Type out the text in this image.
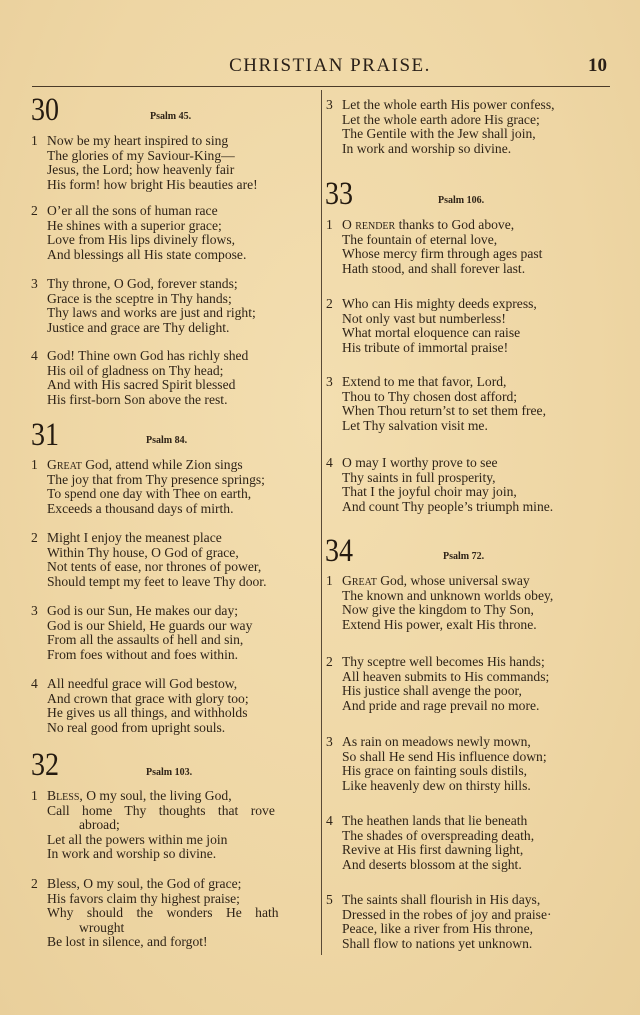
CHRISTIAN PRAISE.	10
30	Psalm 45.
1 Now be my heart inspired to sing
The glories of my Saviour-King—
Jesus, the Lord; how heavenly fair
His form! how bright His beauties are!
2 O’er all the sons of human race
He shines with a superior grace;
Love from His lips divinely flows,
And blessings all His state compose.
3 Thy throne, O God, forever stands;
Grace is the sceptre in Thy hands;
Thy laws and works are just and right;
Justice and grace are Thy delight.
4 God! Thine own God has richly shed
His oil of gladness on Thy head;
And with His sacred Spirit blessed
His first-born Son above the rest.
31	Psalm 84.
1 Great God, attend while Zion sings
The joy that from Thy presence springs;
To spend one day with Thee on earth,
Exceeds a thousand days of mirth.
2 Might I enjoy the meanest place
Within Thy house, O God of grace,
Not tents of ease, nor thrones of power,
Should tempt my feet to leave Thy door.
3 God is our Sun, He makes our day;
God is our Shield, He guards our way
From all the assaults of hell and sin,
From foes without and foes within.
4 All needful grace will God bestow,
And crown that grace with glory too;
He gives us all things, and withholds
No real good from upright souls.
32	Psalm 103.
1 Bless, O my soul, the living God,
Call home Thy thoughts that rove
abroad;
Let all the powers within me join
In work and worship so divine.
2 Bless, O my soul, the God of grace;
His favors claim thy highest praise;
Why should the wonders He hath
wrought
Be lost in silence, and forgot!
3 Let the whole earth His power confess,
Let the whole earth adore His grace;
The Gentile with the Jew shall join,
In work and worship so divine.
33	Psalm 106.
1 O render thanks to God above,
The fountain of eternal love,
Whose mercy firm through ages past
Hath stood, and shall forever last.
2 Who can His mighty deeds express,
Not only vast but numberless!
What mortal eloquence can raise
His tribute of immortal praise!
3 Extend to me that favor, Lord,
Thou to Thy chosen dost afford;
When Thou return’st to set them free,
Let Thy salvation visit me.
4 O may I worthy prove to see
Thy saints in full prosperity,
That I the joyful choir may join,
And count Thy people’s triumph mine.
34	Psalm 72.
1 Great God, whose universal sway
The known and unknown worlds obey,
Now give the kingdom to Thy Son,
Extend His power, exalt His throne.
2 Thy sceptre well becomes His hands;
All heaven submits to His commands;
His justice shall avenge the poor,
And pride and rage prevail no more.
3 As rain on meadows newly mown,
So shall He send His influence down;
His grace on fainting souls distils,
Like heavenly dew on thirsty hills.
4 The heathen lands that lie beneath
The shades of overspreading death,
Revive at His first dawning light,
And deserts blossom at the sight.
5 The saints shall flourish in His days,
Dressed in the robes of joy and praise·
Peace, like a river from His throne,
Shall flow to nations yet unknown.
